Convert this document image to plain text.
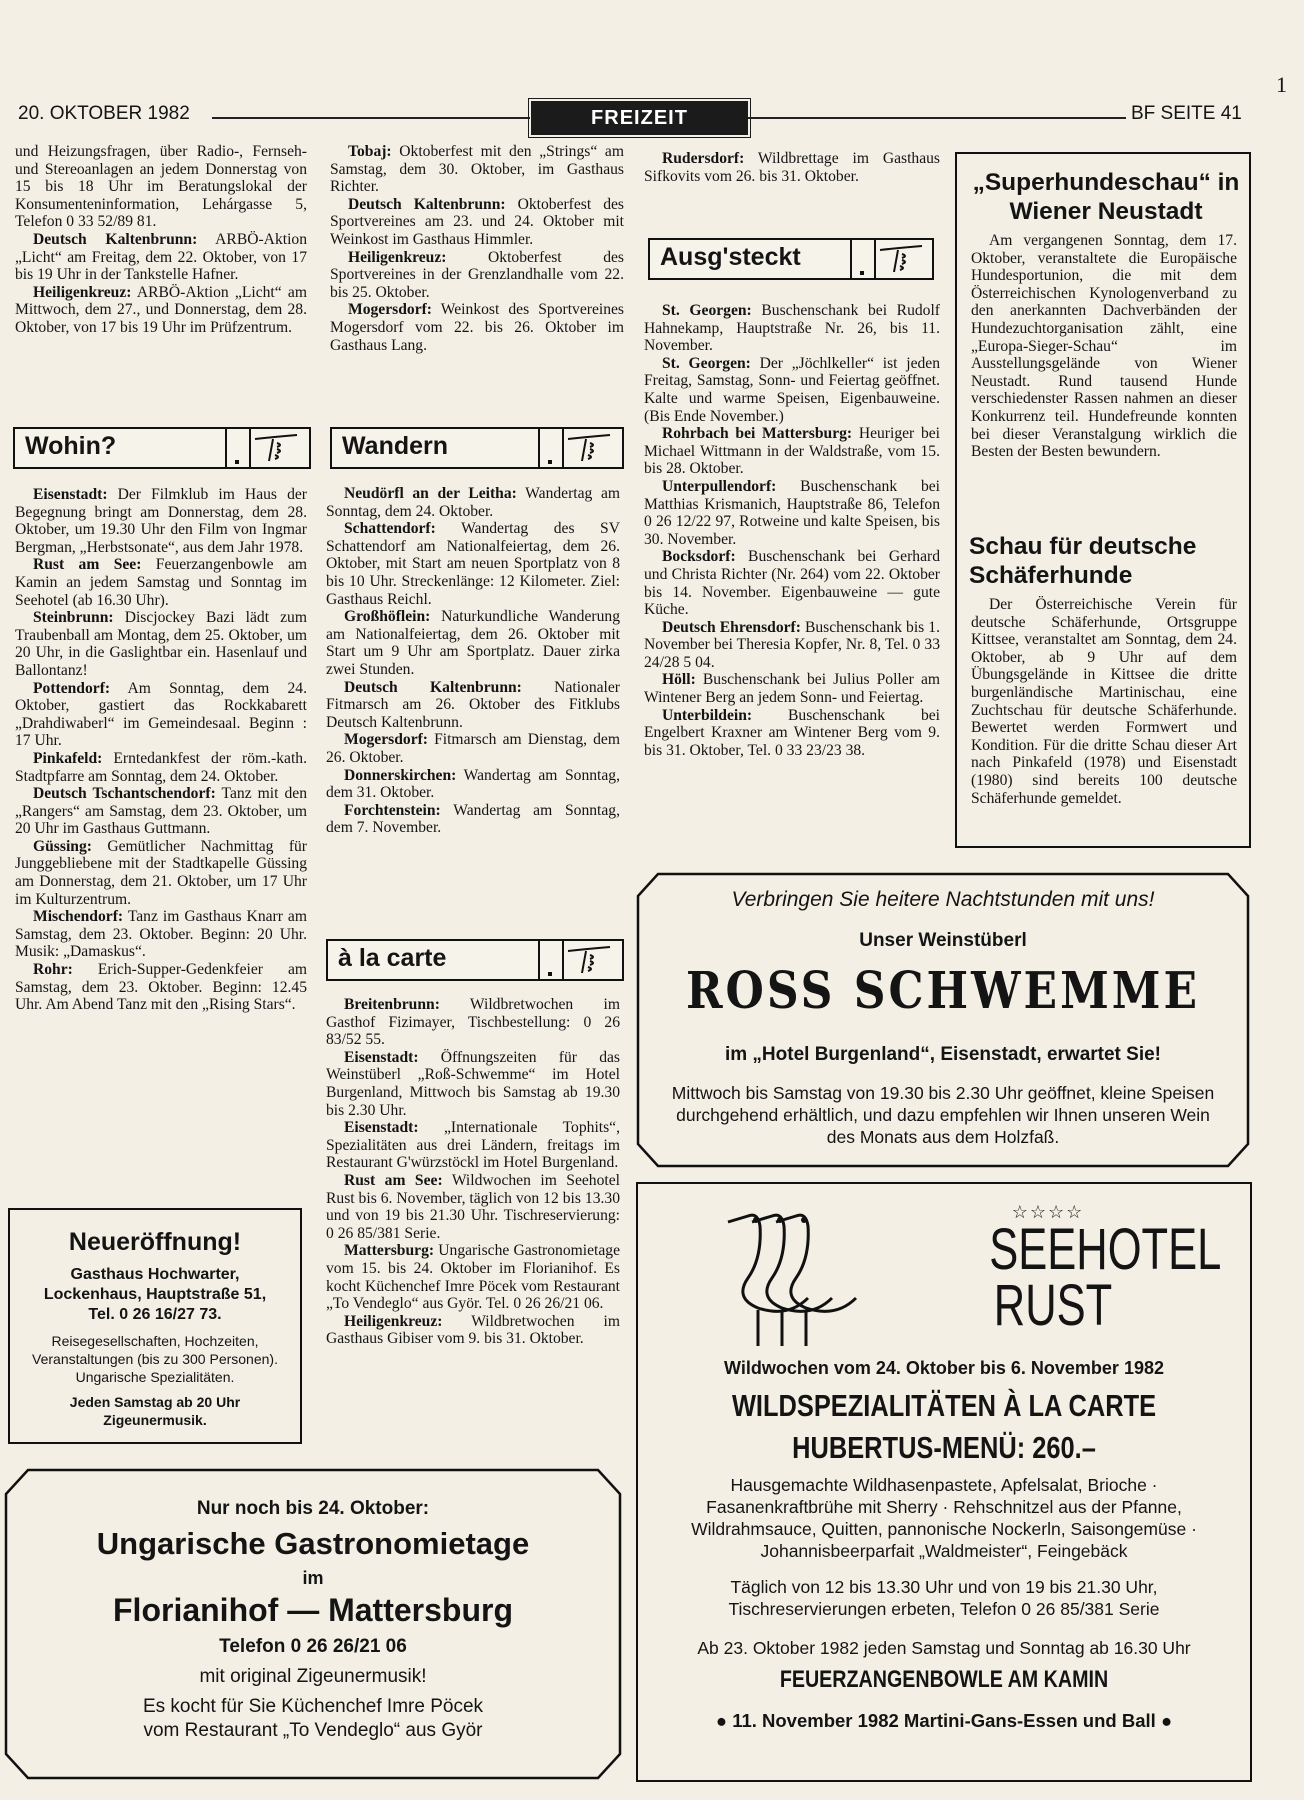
20. OKTOBER 1982	FREIZEIT	BF SEITE 41
1

und Heizungsfragen, über Radio-, Fernseh- und Stereoanlagen an jedem Donnerstag von 15 bis 18 Uhr im Beratungslokal der Konsumenteninformation, Lehárgasse 5, Telefon 0 33 52/89 81.

Deutsch Kaltenbrunn: ARBÖ-Aktion „Licht“ am Freitag, dem 22. Oktober, von 17 bis 19 Uhr in der Tankstelle Hafner.

Heiligenkreuz: ARBÖ-Aktion „Licht“ am Mittwoch, dem 27., und Donnerstag, dem 28. Oktober, von 17 bis 19 Uhr im Prüfzentrum.

Wohin?

Eisenstadt: Der Filmklub im Haus der Begegnung bringt am Donnerstag, dem 28. Oktober, um 19.30 Uhr den Film von Ingmar Bergman, „Herbstsonate“, aus dem Jahr 1978.

Rust am See: Feuerzangenbowle am Kamin an jedem Samstag und Sonntag im Seehotel (ab 16.30 Uhr).

Steinbrunn: Discjockey Bazi lädt zum Traubenball am Montag, dem 25. Oktober, um 20 Uhr, in die Gaslightbar ein. Hasenlauf und Ballontanz!

Pottendorf: Am Sonntag, dem 24. Oktober, gastiert das Rockkabarett „Drahdiwaberl“ im Gemeindesaal. Beginn : 17 Uhr.

Pinkafeld: Erntedankfest der röm.-kath. Stadtpfarre am Sonntag, dem 24. Oktober.

Deutsch Tschantschendorf: Tanz mit den „Rangers“ am Samstag, dem 23. Oktober, um 20 Uhr im Gasthaus Guttmann.

Güssing: Gemütlicher Nachmittag für Junggebliebene mit der Stadtkapelle Güssing am Donnerstag, dem 21. Oktober, um 17 Uhr im Kulturzentrum.

Mischendorf: Tanz im Gasthaus Knarr am Samstag, dem 23. Oktober. Beginn: 20 Uhr. Musik: „Damaskus“.

Rohr: Erich-Supper-Gedenkfeier am Samstag, dem 23. Oktober. Beginn: 12.45 Uhr. Am Abend Tanz mit den „Rising Stars“.

Neueröffnung!
Gasthaus Hochwarter,
Lockenhaus, Hauptstraße 51,
Tel. 0 26 16/27 73.
Reisegesellschaften, Hochzeiten, Veranstaltungen (bis zu 300 Personen). Ungarische Spezialitäten.
Jeden Samstag ab 20 Uhr
Zigeunermusik.

Tobaj: Oktoberfest mit den „Strings“ am Samstag, dem 30. Oktober, im Gasthaus Richter.

Deutsch Kaltenbrunn: Oktoberfest des Sportvereines am 23. und 24. Oktober mit Weinkost im Gasthaus Himmler.

Heiligenkreuz: Oktoberfest des Sportvereines in der Grenzlandhalle vom 22. bis 25. Oktober.

Mogersdorf: Weinkost des Sportvereines Mogersdorf vom 22. bis 26. Oktober im Gasthaus Lang.

Wandern

Neudörfl an der Leitha: Wandertag am Sonntag, dem 24. Oktober.

Schattendorf: Wandertag des SV Schattendorf am Nationalfeiertag, dem 26. Oktober, mit Start am neuen Sportplatz von 8 bis 10 Uhr. Streckenlänge: 12 Kilometer. Ziel: Gasthaus Reichl.

Großhöflein: Naturkundliche Wanderung am Nationalfeiertag, dem 26. Oktober mit Start um 9 Uhr am Sportplatz. Dauer zirka zwei Stunden.

Deutsch Kaltenbrunn: Nationaler Fitmarsch am 26. Oktober des Fitklubs Deutsch Kaltenbrunn.

Mogersdorf: Fitmarsch am Dienstag, dem 26. Oktober.

Donnerskirchen: Wandertag am Sonntag, dem 31. Oktober.

Forchtenstein: Wandertag am Sonntag, dem 7. November.

à la carte

Breitenbrunn: Wildbretwochen im Gasthof Fizimayer, Tischbestellung: 0 26 83/52 55.

Eisenstadt: Öffnungszeiten für das Weinstüberl „Roß-Schwemme“ im Hotel Burgenland, Mittwoch bis Samstag ab 19.30 bis 2.30 Uhr.

Eisenstadt: „Internationale Tophits“, Spezialitäten aus drei Ländern, freitags im Restaurant G'würzstöckl im Hotel Burgenland.

Rust am See: Wildwochen im Seehotel Rust bis 6. November, täglich von 12 bis 13.30 und von 19 bis 21.30 Uhr. Tischreservierung: 0 26 85/381 Serie.

Mattersburg: Ungarische Gastronomietage vom 15. bis 24. Oktober im Florianihof. Es kocht Küchenchef Imre Pöcek vom Restaurant „To Vendeglo“ aus Györ. Tel. 0 26 26/21 06.

Heiligenkreuz: Wildbretwochen im Gasthaus Gibiser vom 9. bis 31. Oktober.

Rudersdorf: Wildbrettage im Gasthaus Sifkovits vom 26. bis 31. Oktober.

Ausg'steckt

St. Georgen: Buschenschank bei Rudolf Hahnekamp, Hauptstraße Nr. 26, bis 11. November.

St. Georgen: Der „Jöchlkeller“ ist jeden Freitag, Samstag, Sonn- und Feiertag geöffnet. Kalte und warme Speisen, Eigenbauweine. (Bis Ende November.)

Rohrbach bei Mattersburg: Heuriger bei Michael Wittmann in der Waldstraße, vom 15. bis 28. Oktober.

Unterpullendorf: Buschenschank bei Matthias Krismanich, Hauptstraße 86, Telefon 0 26 12/22 97, Rotweine und kalte Speisen, bis 30. November.

Bocksdorf: Buschenschank bei Gerhard und Christa Richter (Nr. 264) vom 22. Oktober bis 14. November. Eigenbauweine — gute Küche.

Deutsch Ehrensdorf: Buschenschank bis 1. November bei Theresia Kopfer, Nr. 8, Tel. 0 33 24/28 5 04.

Höll: Buschenschank bei Julius Poller am Wintener Berg an jedem Sonn- und Feiertag.

Unterbildein: Buschenschank bei Engelbert Kraxner am Wintener Berg vom 9. bis 31. Oktober, Tel. 0 33 23/23 38.

„Superhundeschau“ in Wiener Neustadt

Am vergangenen Sonntag, dem 17. Oktober, veranstaltete die Europäische Hundesportunion, die mit dem Österreichischen Kynologenverband zu den anerkannten Dachverbänden der Hundezuchtorganisation zählt, eine „Europa-Sieger-Schau“ im Ausstellungsgelände von Wiener Neustadt. Rund tausend Hunde verschiedenster Rassen nahmen an dieser Konkurrenz teil. Hundefreunde konnten bei dieser Veranstalgung wirklich die Besten der Besten bewundern.

Schau für deutsche Schäferhunde

Der Österreichische Verein für deutsche Schäferhunde, Ortsgruppe Kittsee, veranstaltet am Sonntag, dem 24. Oktober, ab 9 Uhr auf dem Übungsgelände in Kittsee die dritte burgenländische Martinischau, eine Zuchtschau für deutsche Schäferhunde. Bewertet werden Formwert und Kondition. Für die dritte Schau dieser Art nach Pinkafeld (1978) und Eisenstadt (1980) sind bereits 100 deutsche Schäferhunde gemeldet.

Verbringen Sie heitere Nachtstunden mit uns!
Unser Weinstüberl
ROSS SCHWEMME
im „Hotel Burgenland“, Eisenstadt, erwartet Sie!
Mittwoch bis Samstag von 19.30 bis 2.30 Uhr geöffnet, kleine Speisen durchgehend erhältlich, und dazu empfehlen wir Ihnen unseren Wein des Monats aus dem Holzfaß.
Nur noch bis 24. Oktober:
Ungarische Gastronomietage
im
Florianihof — Mattersburg
Telefon 0 26 26/21 06
mit original Zigeunermusik!
Es kocht für Sie Küchenchef Imre Pöcek
vom Restaurant „To Vendeglo“ aus Györ
☆☆☆☆
SEEHOTEL
RUST
Wildwochen vom 24. Oktober bis 6. November 1982
WILDSPEZIALITÄTEN À LA CARTE
HUBERTUS-MENÜ: 260.–
Hausgemachte Wildhasenpastete, Apfelsalat, Brioche · Fasanenkraftbrühe mit Sherry · Rehschnitzel aus der Pfanne, Wildrahmsauce, Quitten, pannonische Nockerln, Saisongemüse · Johannisbeerparfait „Waldmeister“, Feingebäck
Täglich von 12 bis 13.30 Uhr und von 19 bis 21.30 Uhr, Tischreservierungen erbeten, Telefon 0 26 85/381 Serie
Ab 23. Oktober 1982 jeden Samstag und Sonntag ab 16.30 Uhr
FEUERZANGENBOWLE AM KAMIN
● 11. November 1982 Martini-Gans-Essen und Ball ●
